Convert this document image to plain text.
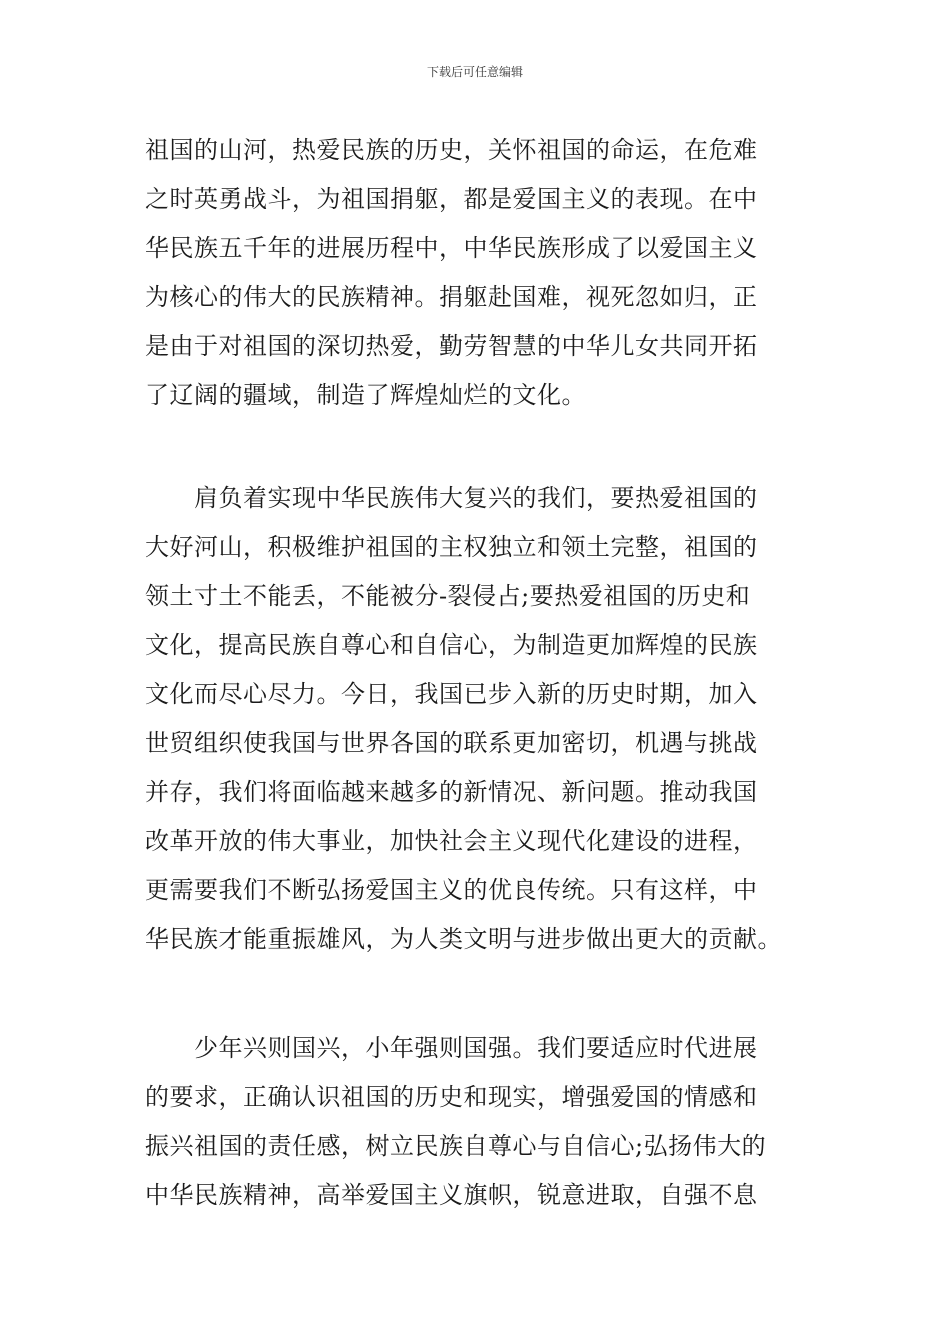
下载后可任意编辑
祖国的山河，热爱民族的历史，关怀祖国的命运，在危难
之时英勇战斗，为祖国捐躯，都是爱国主义的表现。在中
华民族五千年的进展历程中，中华民族形成了以爱国主义
为核心的伟大的民族精神。捐躯赴国难，视死忽如归，正
是由于对祖国的深切热爱，勤劳智慧的中华儿女共同开拓
了辽阔的疆域，制造了辉煌灿烂的文化。
　　肩负着实现中华民族伟大复兴的我们，要热爱祖国的
大好河山，积极维护祖国的主权独立和领土完整，祖国的
领土寸土不能丢，不能被分-裂侵占;要热爱祖国的历史和
文化，提高民族自尊心和自信心，为制造更加辉煌的民族
文化而尽心尽力。今日，我国已步入新的历史时期，加入
世贸组织使我国与世界各国的联系更加密切，机遇与挑战
并存，我们将面临越来越多的新情况、新问题。推动我国
改革开放的伟大事业，加快社会主义现代化建设的进程，
更需要我们不断弘扬爱国主义的优良传统。只有这样，中
华民族才能重振雄风，为人类文明与进步做出更大的贡献。
　　少年兴则国兴，小年强则国强。我们要适应时代进展
的要求，正确认识祖国的历史和现实，增强爱国的情感和
振兴祖国的责任感，树立民族自尊心与自信心;弘扬伟大的
中华民族精神，高举爱国主义旗帜，锐意进取，自强不息
